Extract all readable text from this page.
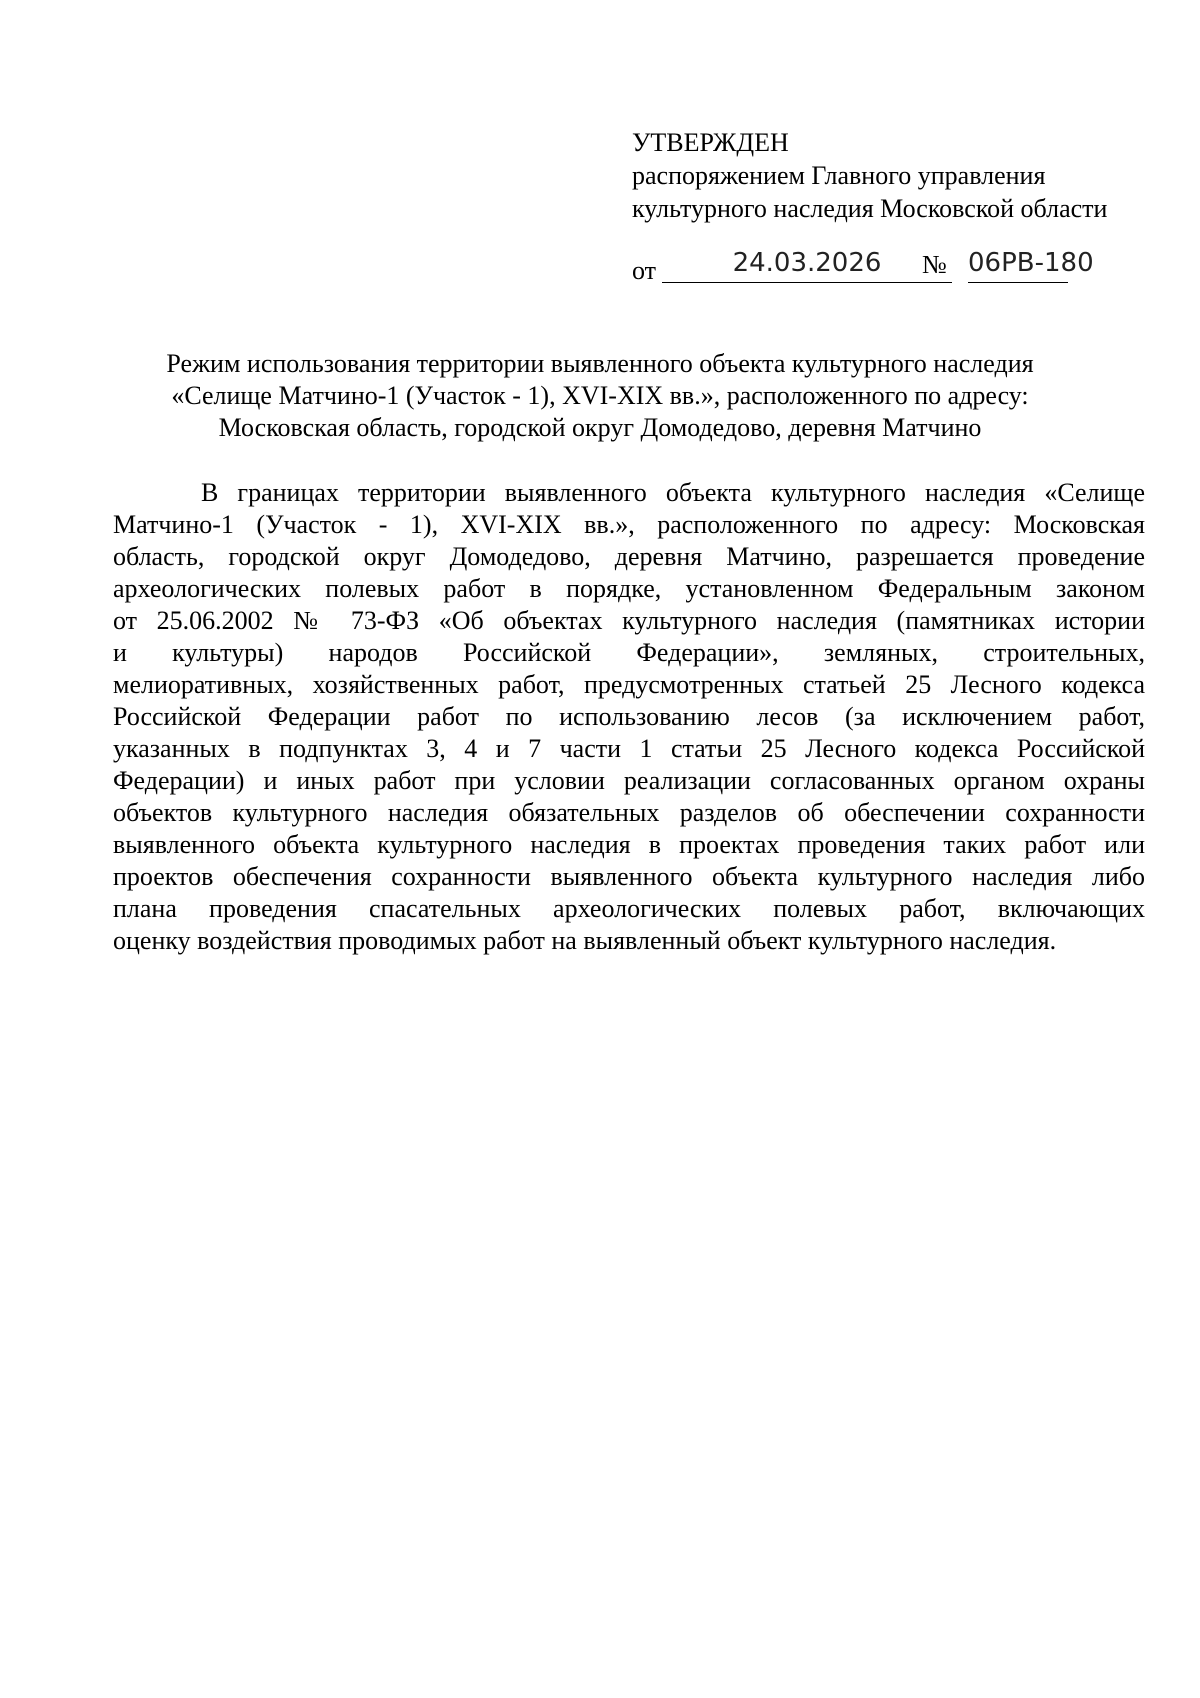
УТВЕРЖДЕН
распоряжением Главного управления
культурного наследия Московской области
от	24.03.2026	№ 06РВ-180
Режим использования территории выявленного объекта культурного наследия
«Селище Матчино-1 (Участок - 1), XVI-XIX вв.», расположенного по адресу:
Московская область, городской округ Домодедово, деревня Матчино
В границах территории выявленного объекта культурного наследия «Селище
Матчино-1 (Участок - 1), XVI-XIX вв.», расположенного по адресу: Московская
область, городской округ Домодедово, деревня Матчино, разрешается проведение
археологических полевых работ в порядке, установленном Федеральным законом
от 25.06.2002 № 73-ФЗ «Об объектах культурного наследия (памятниках истории
и культуры) народов Российской Федерации», земляных, строительных,
мелиоративных, хозяйственных работ, предусмотренных статьей 25 Лесного кодекса
Российской Федерации работ по использованию лесов (за исключением работ,
указанных в подпунктах 3, 4 и 7 части 1 статьи 25 Лесного кодекса Российской
Федерации) и иных работ при условии реализации согласованных органом охраны
объектов культурного наследия обязательных разделов об обеспечении сохранности
выявленного объекта культурного наследия в проектах проведения таких работ или
проектов обеспечения сохранности выявленного объекта культурного наследия либо
плана проведения спасательных археологических полевых работ, включающих
оценку воздействия проводимых работ на выявленный объект культурного наследия.
